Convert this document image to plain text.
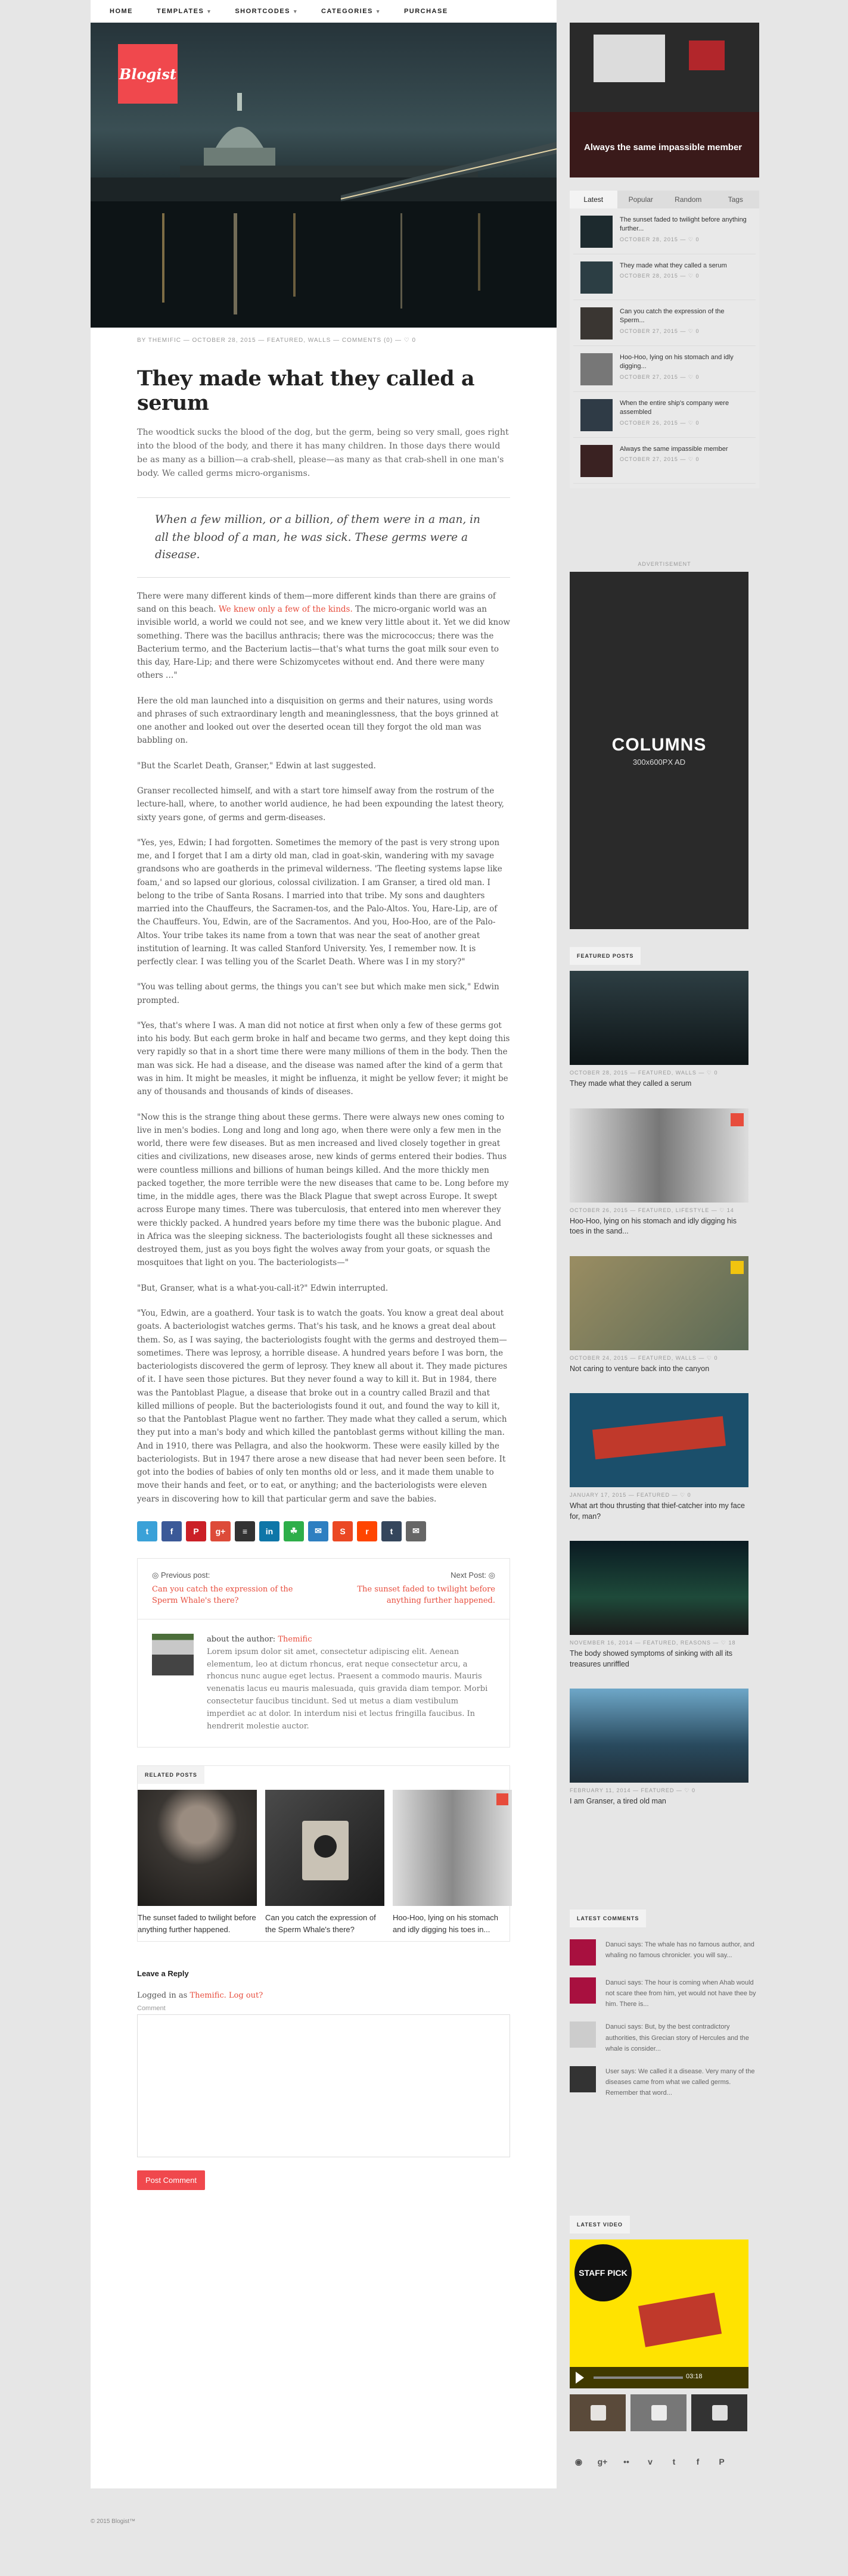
HOME	TEMPLATES ▾	SHORTCODES ▾	CATEGORIES ▾	PURCHASE
Blogist
BY THEMIFIC — OCTOBER 28, 2015 — FEATURED, WALLS — COMMENTS (0) — ♡ 0
They made what they called a serum

The woodtick sucks the blood of the dog, but the germ, being so very small, goes right into the blood of the body, and there it has many children. In those days there would be as many as a billion—a crab-shell, please—as many as that crab-shell in one man's body. We called germs micro-organisms.

When a few million, or a billion, of them were in a man, in all the blood of a man, he was sick. These germs were a disease.

There were many different kinds of them—more different kinds than there are grains of sand on this beach. We knew only a few of the kinds. The micro-organic world was an invisible world, a world we could not see, and we knew very little about it. Yet we did know something. There was the bacillus anthracis; there was the micrococcus; there was the Bacterium termo, and the Bacterium lactis—that's what turns the goat milk sour even to this day, Hare-Lip; and there were Schizomycetes without end. And there were many others …"

Here the old man launched into a disquisition on germs and their natures, using words and phrases of such extraordinary length and meaninglessness, that the boys grinned at one another and looked out over the deserted ocean till they forgot the old man was babbling on.

"But the Scarlet Death, Granser," Edwin at last suggested.

Granser recollected himself, and with a start tore himself away from the rostrum of the lecture-hall, where, to another world audience, he had been expounding the latest theory, sixty years gone, of germs and germ-diseases.

"Yes, yes, Edwin; I had forgotten. Sometimes the memory of the past is very strong upon me, and I forget that I am a dirty old man, clad in goat-skin, wandering with my savage grandsons who are goatherds in the primeval wilderness. 'The fleeting systems lapse like foam,' and so lapsed our glorious, colossal civilization. I am Granser, a tired old man. I belong to the tribe of Santa Rosans. I married into that tribe. My sons and daughters married into the Chauffeurs, the Sacramen-tos, and the Palo-Altos. You, Hare-Lip, are of the Chauffeurs. You, Edwin, are of the Sacramentos. And you, Hoo-Hoo, are of the Palo-Altos. Your tribe takes its name from a town that was near the seat of another great institution of learning. It was called Stanford University. Yes, I remember now. It is perfectly clear. I was telling you of the Scarlet Death. Where was I in my story?"

"You was telling about germs, the things you can't see but which make men sick," Edwin prompted.

"Yes, that's where I was. A man did not notice at first when only a few of these germs got into his body. But each germ broke in half and became two germs, and they kept doing this very rapidly so that in a short time there were many millions of them in the body. Then the man was sick. He had a disease, and the disease was named after the kind of a germ that was in him. It might be measles, it might be influenza, it might be yellow fever; it might be any of thousands and thousands of kinds of diseases.

"Now this is the strange thing about these germs. There were always new ones coming to live in men's bodies. Long and long and long ago, when there were only a few men in the world, there were few diseases. But as men increased and lived closely together in great cities and civilizations, new diseases arose, new kinds of germs entered their bodies. Thus were countless millions and billions of human beings killed. And the more thickly men packed together, the more terrible were the new diseases that came to be. Long before my time, in the middle ages, there was the Black Plague that swept across Europe. It swept across Europe many times. There was tuberculosis, that entered into men wherever they were thickly packed. A hundred years before my time there was the bubonic plague. And in Africa was the sleeping sickness. The bacteriologists fought all these sicknesses and destroyed them, just as you boys fight the wolves away from your goats, or squash the mosquitoes that light on you. The bacteriologists—"

"But, Granser, what is a what-you-call-it?" Edwin interrupted.

"You, Edwin, are a goatherd. Your task is to watch the goats. You know a great deal about goats. A bacteriologist watches germs. That's his task, and he knows a great deal about them. So, as I was saying, the bacteriologists fought with the germs and destroyed them—sometimes. There was leprosy, a horrible disease. A hundred years before I was born, the bacteriologists discovered the germ of leprosy. They knew all about it. They made pictures of it. I have seen those pictures. But they never found a way to kill it. But in 1984, there was the Pantoblast Plague, a disease that broke out in a country called Brazil and that killed millions of people. But the bacteriologists found it out, and found the way to kill it, so that the Pantoblast Plague went no farther. They made what they called a serum, which they put into a man's body and which killed the pantoblast germs without killing the man. And in 1910, there was Pellagra, and also the hookworm. These were easily killed by the bacteriologists. But in 1947 there arose a new disease that had never been seen before. It got into the bodies of babies of only ten months old or less, and it made them unable to move their hands and feet, or to eat, or anything; and the bacteriologists were eleven years in discovering how to kill that particular germ and save the babies.

t	f	P	g+	≡	in	☘	✉	S	r	t	✉
◎ Previous post:
Can you catch the expression of the Sperm Whale's there?
Next Post: ◎
The sunset faded to twilight before anything further happened.
about the author: Themific
Lorem ipsum dolor sit amet, consectetur adipiscing elit. Aenean elementum, leo at dictum rhoncus, erat neque consectetur arcu, a rhoncus nunc augue eget lectus. Praesent a commodo mauris. Mauris venenatis lacus eu mauris malesuada, quis gravida diam tempor. Morbi consectetur faucibus tincidunt. Sed ut metus a diam vestibulum imperdiet ac at dolor. In interdum nisi et lectus fringilla faucibus. In hendrerit molestie auctor.
RELATED POSTS
The sunset faded to twilight before anything further happened.
Can you catch the expression of the Sperm Whale's there?
Hoo-Hoo, lying on his stomach and idly digging his toes in...
Leave a Reply
Logged in as Themific. Log out?
Comment
Post Comment
Always the same impassible member
Latest	Popular	Random	Tags
The sunset faded to twilight before anything further...
OCTOBER 28, 2015 — ♡ 0
They made what they called a serum
OCTOBER 28, 2015 — ♡ 0
Can you catch the expression of the Sperm...
OCTOBER 27, 2015 — ♡ 0
Hoo-Hoo, lying on his stomach and idly digging...
OCTOBER 27, 2015 — ♡ 0
When the entire ship's company were assembled
OCTOBER 26, 2015 — ♡ 0
Always the same impassible member
OCTOBER 27, 2015 — ♡ 0
ADVERTISEMENT
COLUMNS
300x600PX AD
FEATURED POSTS
OCTOBER 28, 2015 — FEATURED, WALLS — ♡ 0
They made what they called a serum
OCTOBER 26, 2015 — FEATURED, LIFESTYLE — ♡ 14
Hoo-Hoo, lying on his stomach and idly digging his toes in the sand...
OCTOBER 24, 2015 — FEATURED, WALLS — ♡ 0
Not caring to venture back into the canyon
JANUARY 17, 2015 — FEATURED — ♡ 0
What art thou thrusting that thief-catcher into my face for, man?
NOVEMBER 16, 2014 — FEATURED, REASONS — ♡ 18
The body showed symptoms of sinking with all its treasures unriffled
FEBRUARY 11, 2014 — FEATURED — ♡ 0
I am Granser, a tired old man
LATEST COMMENTS
Danuci says: The whale has no famous author, and whaling no famous chronicler. you will say...
Danuci says: The hour is coming when Ahab would not scare thee from him, yet would not have thee by him. There is...
Danuci says: But, by the best contradictory authorities, this Grecian story of Hercules and the whale is consider...
User says: We called it a disease. Very many of the diseases came from what we called germs. Remember that word...
LATEST VIDEO
STAFF PICK
03:18
◉	g+	••	v	t	f	P
© 2015 Blogist™
